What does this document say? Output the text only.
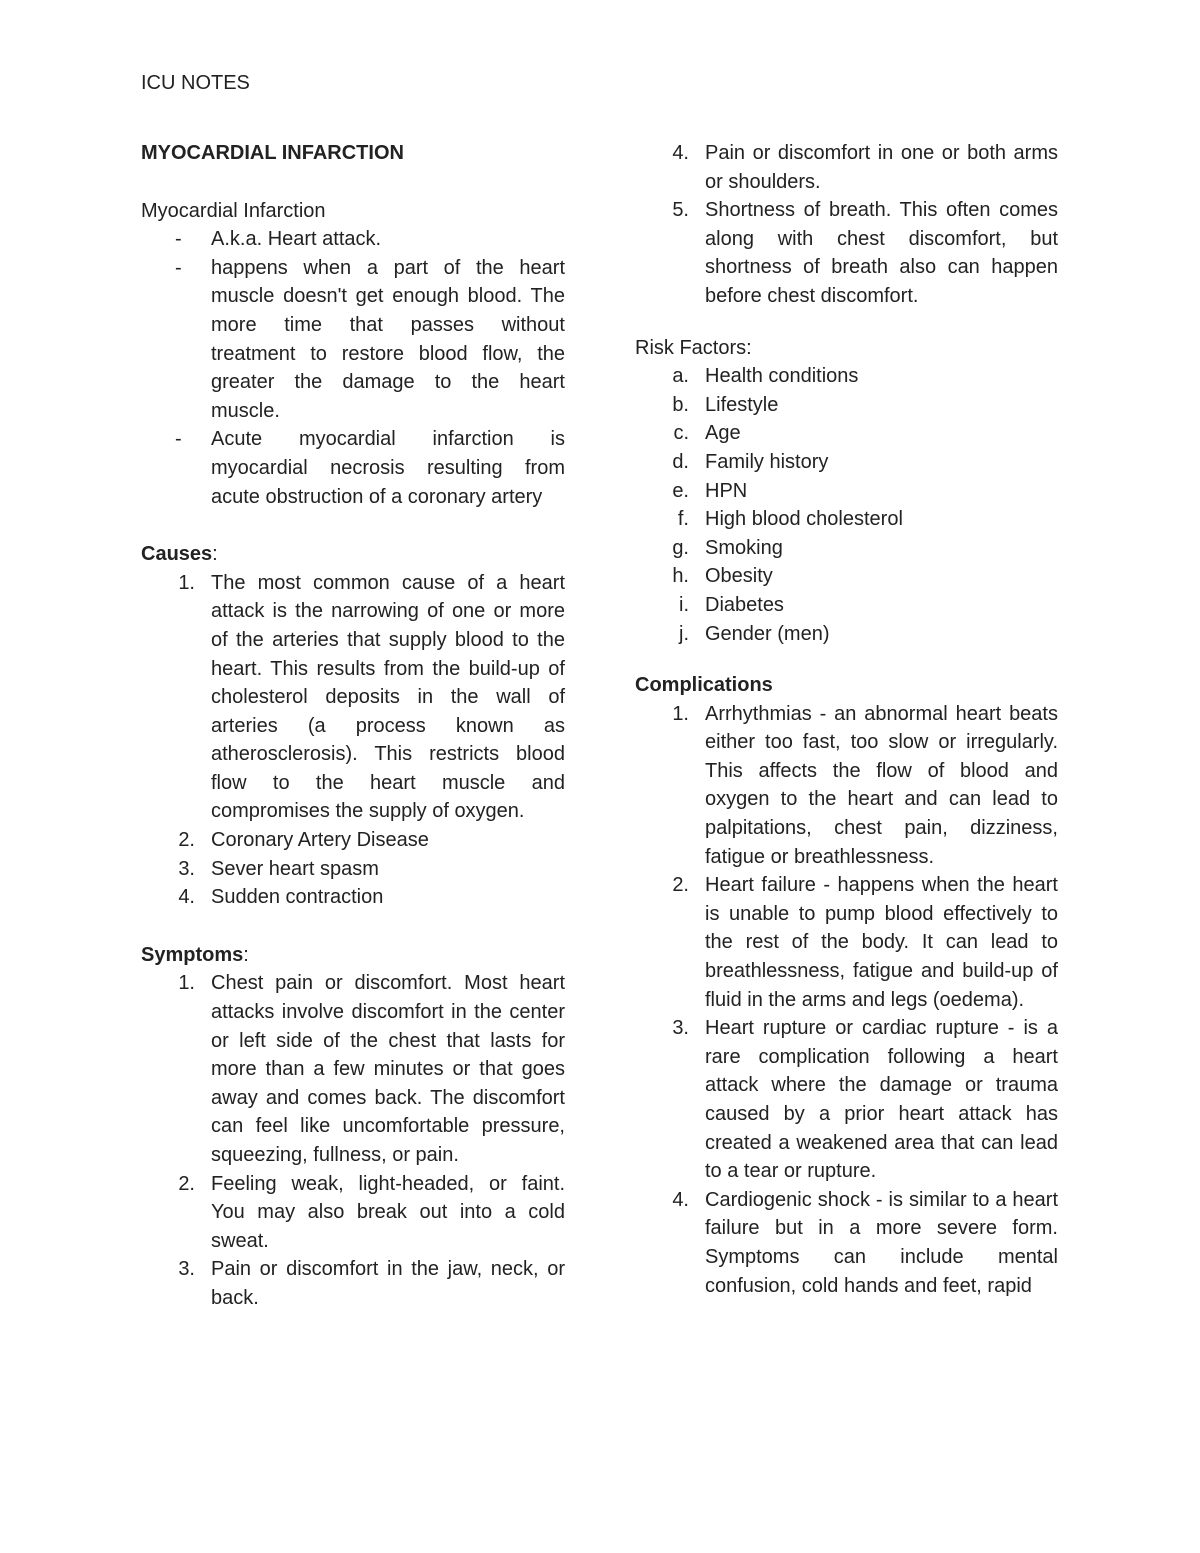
ICU NOTES

MYOCARDIAL INFARCTION

Myocardial Infarction

- A.k.a. Heart attack.
- happens when a part of the heart muscle doesn't get enough blood. The more time that passes without treatment to restore blood flow, the greater the damage to the heart muscle.
- Acute myocardial infarction is myocardial necrosis resulting from acute obstruction of a coronary artery

Causes:

1. The most common cause of a heart attack is the narrowing of one or more of the arteries that supply blood to the heart. This results from the build-up of cholesterol deposits in the wall of arteries (a process known as atherosclerosis). This restricts blood flow to the heart muscle and compromises the supply of oxygen.
2. Coronary Artery Disease
3. Sever heart spasm
4. Sudden contraction

Symptoms:

1. Chest pain or discomfort. Most heart attacks involve discomfort in the center or left side of the chest that lasts for more than a few minutes or that goes away and comes back. The discomfort can feel like uncomfortable pressure, squeezing, fullness, or pain.
2. Feeling weak, light-headed, or faint. You may also break out into a cold sweat.
3. Pain or discomfort in the jaw, neck, or back.
4. Pain or discomfort in one or both arms or shoulders.
5. Shortness of breath. This often comes along with chest discomfort, but shortness of breath also can happen before chest discomfort.

Risk Factors:

a. Health conditions
b. Lifestyle
c. Age
d. Family history
e. HPN
f. High blood cholesterol
g. Smoking
h. Obesity
i. Diabetes
j. Gender (men)

Complications

1. Arrhythmias - an abnormal heart beats either too fast, too slow or irregularly. This affects the flow of blood and oxygen to the heart and can lead to palpitations, chest pain, dizziness, fatigue or breathlessness.
2. Heart failure - happens when the heart is unable to pump blood effectively to the rest of the body. It can lead to breathlessness, fatigue and build-up of fluid in the arms and legs (oedema).
3. Heart rupture or cardiac rupture - is a rare complication following a heart attack where the damage or trauma caused by a prior heart attack has created a weakened area that can lead to a tear or rupture.
4. Cardiogenic shock - is similar to a heart failure but in a more severe form. Symptoms can include mental confusion, cold hands and feet, rapid
